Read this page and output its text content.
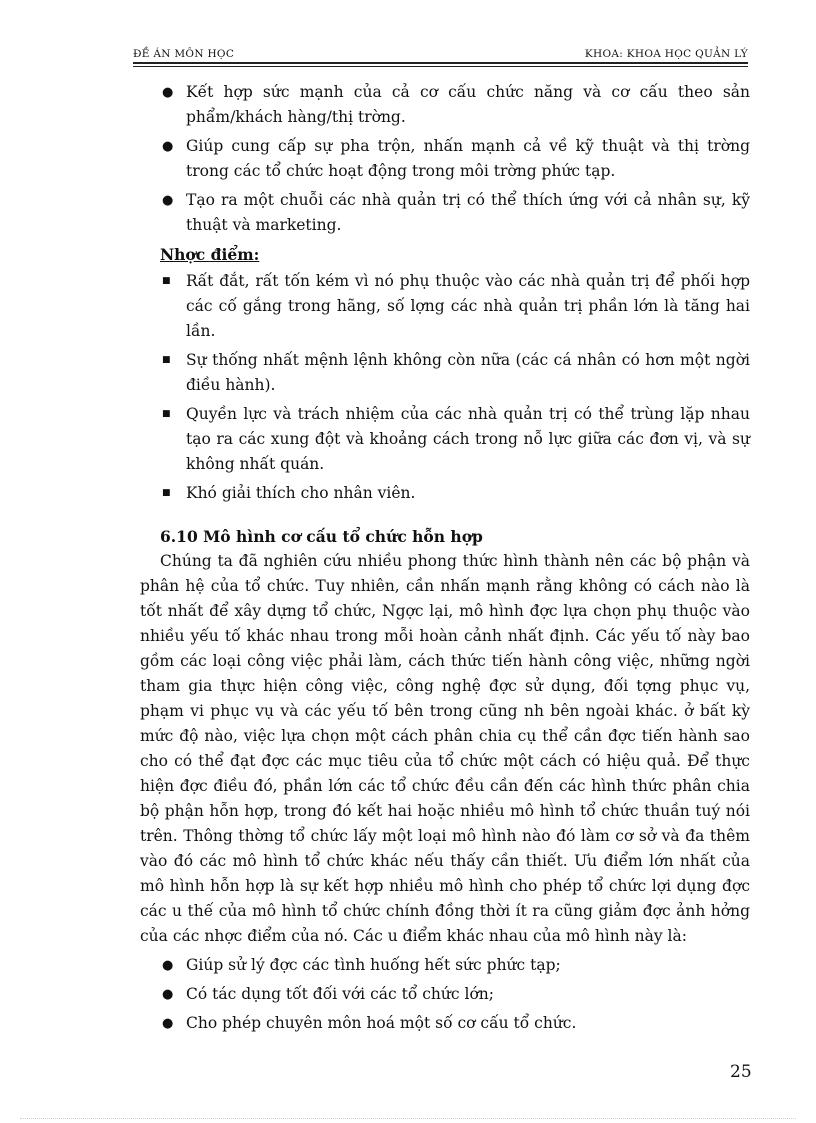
ĐỀ ÁN MÔN HỌC	KHOA: KHOA HỌC QUẢN LÝ
● Kết hợp sức mạnh của cả cơ cấu chức năng và cơ cấu theo sản phẩm/khách hàng/thị trờng.
● Giúp cung cấp sự pha trộn, nhấn mạnh cả về kỹ thuật và thị trờng trong các tổ chức hoạt động trong môi trờng phức tạp.
● Tạo ra một chuỗi các nhà quản trị có thể thích ứng với cả nhân sự, kỹ thuật và marketing.
Nhợc điểm:
■ Rất đắt, rất tốn kém vì nó phụ thuộc vào các nhà quản trị để phối hợp các cố gắng trong hãng, số lợng các nhà quản trị phần lớn là tăng hai lần.
■ Sự thống nhất mệnh lệnh không còn nữa (các cá nhân có hơn một ngời điều hành).
■ Quyền lực và trách nhiệm của các nhà quản trị có thể trùng lặp nhau tạo ra các xung đột và khoảng cách trong nỗ lực giữa các đơn vị, và sự không nhất quán.
■ Khó giải thích cho nhân viên.
6.10 Mô hình cơ cấu tổ chức hỗn hợp
Chúng ta đã nghiên cứu nhiều phong thức hình thành nên các bộ phận và phân hệ của tổ chức. Tuy nhiên, cần nhấn mạnh rằng không có cách nào là tốt nhất để xây dựng tổ chức, Ngợc lại, mô hình đợc lựa chọn phụ thuộc vào nhiều yếu tố khác nhau trong mỗi hoàn cảnh nhất định. Các yếu tố này bao gồm các loại công việc phải làm, cách thức tiến hành công việc, những ngời tham gia thực hiện công việc, công nghệ đợc sử dụng, đối tợng phục vụ, phạm vi phục vụ và các yếu tố bên trong cũng nh bên ngoài khác. ở bất kỳ mức độ nào, việc lựa chọn một cách phân chia cụ thể cần đợc tiến hành sao cho có thể đạt đợc các mục tiêu của tổ chức một cách có hiệu quả. Để thực hiện đợc điều đó, phần lớn các tổ chức đều cần đến các hình thức phân chia bộ phận hỗn hợp, trong đó kết hai hoặc nhiều mô hình tổ chức thuần tuý nói trên. Thông thờng tổ chức lấy một loại mô hình nào đó làm cơ sở và đa thêm vào đó các mô hình tổ chức khác nếu thấy cần thiết. Ưu điểm lớn nhất của mô hình hỗn hợp là sự kết hợp nhiều mô hình cho phép tổ chức lợi dụng đợc các u thế của mô hình tổ chức chính đồng thời ít ra cũng giảm đợc ảnh hởng của các nhợc điểm của nó. Các u điểm khác nhau của mô hình này là:
● Giúp sử lý đợc các tình huống hết sức phức tạp;
● Có tác dụng tốt đối với các tổ chức lớn;
● Cho phép chuyên môn hoá một số cơ cấu tổ chức.
25
